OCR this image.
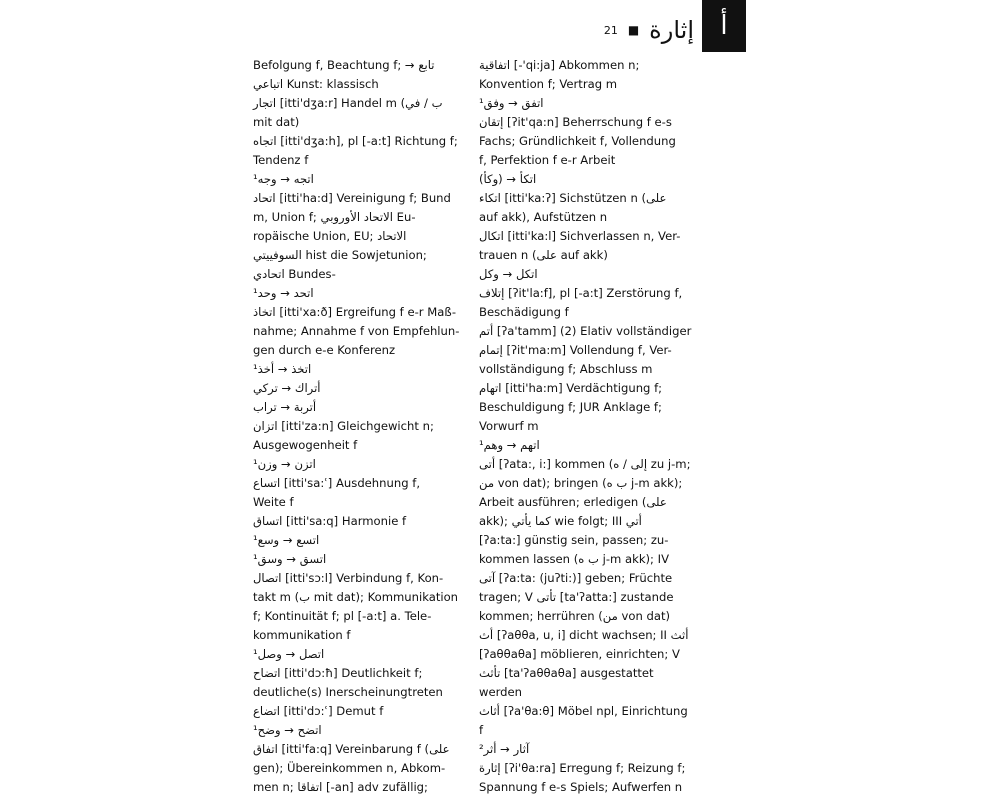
أ
21 ■ إثارة
Befolgung f, Beachtung f; → تابع
اتباعي Kunst: klassisch
اتجار [itti'dʒa:r] Handel m (ب / في
mit dat)
اتجاه [itti'dʒa:h], pl [-a:t] Richtung f;
Tendenz f
اتجه → وجه¹
اتحاد [itti'ha:d] Vereinigung f; Bund
m, Union f; الاتحاد الأوروبي Eu-
ropäische Union, EU; الاتحاد
السوفييتي hist die Sowjetunion;
اتحادي Bundes-
اتحد → وحد¹
اتخاذ [itti'xa:ð] Ergreifung f e-r Maß-
nahme; Annahme f von Empfehlun-
gen durch e-e Konferenz
اتخذ → أخذ¹
أتراك → تركي
أتربة → تراب
اتزان [itti'za:n] Gleichgewicht n;
Ausgewogenheit f
اتزن → وزن¹
اتساع [itti'sa:ʿ] Ausdehnung f,
Weite f
اتساق [itti'sa:q] Harmonie f
اتسع → وسع¹
اتسق → وسق¹
اتصال [itti'sɔ:l] Verbindung f, Kon-
takt m (ب mit dat); Kommunikation
f; Kontinuität f; pl [-a:t] a. Tele-
kommunikation f
اتصل → وصل¹
اتضاح [itti'dɔ:ħ] Deutlichkeit f;
deutliche(s) Inerscheinungtreten
اتضاع [itti'dɔ:ʿ] Demut f
اتضح → وضح¹
اتفاق [itti'fa:q] Vereinbarung f (على
gen); Übereinkommen n, Abkom-
men n; اتفاقا [-an] adv zufällig;
اتفاقية [-'qi:ja] Abkommen n;
Konvention f; Vertrag m
اتفق → وفق¹
إتقان [ʔit'qa:n] Beherrschung f e-s
Fachs; Gründlichkeit f, Vollendung
f, Perfektion f e-r Arbeit
اتكأ → (وكأ)
اتكاء [itti'ka:ʔ] Sichstützen n (على
auf akk), Aufstützen n
اتكال [itti'ka:l] Sichverlassen n, Ver-
trauen n (على auf akk)
اتكل → وكل
إتلاف [ʔit'la:f], pl [-a:t] Zerstörung f,
Beschädigung f
أتم [ʔa'tamm] (2) Elativ vollständiger
إتمام [ʔit'ma:m] Vollendung f, Ver-
vollständigung f; Abschluss m
اتهام [itti'ha:m] Verdächtigung f;
Beschuldigung f; JUR Anklage f;
Vorwurf m
اتهم → وهم¹
أتى [ʔata:, i:] kommen (إلى / ه zu j-m;
من von dat); bringen (ب ه j-m akk);
Arbeit ausführen; erledigen (على
akk); كما يأتي wie folgt; III أتي
[ʔa:ta:] günstig sein, passen; zu-
kommen lassen (ب ه j-m akk); IV
آتى [ʔa:ta: (juʔti:)] geben; Früchte
tragen; V تأتى [ta'ʔatta:] zustande
kommen; herrühren (من von dat)
أث [ʔaθθa, u, i] dicht wachsen; II أثث
[ʔaθθaθa] möblieren, einrichten; V
تأثث [ta'ʔaθθaθa] ausgestattet
werden
أثاث [ʔa'θa:θ] Möbel npl, Einrichtung
f
آثار → أثر²
إثارة [ʔi'θa:ra] Erregung f; Reizung f;
Spannung f e-s Spiels; Aufwerfen n
